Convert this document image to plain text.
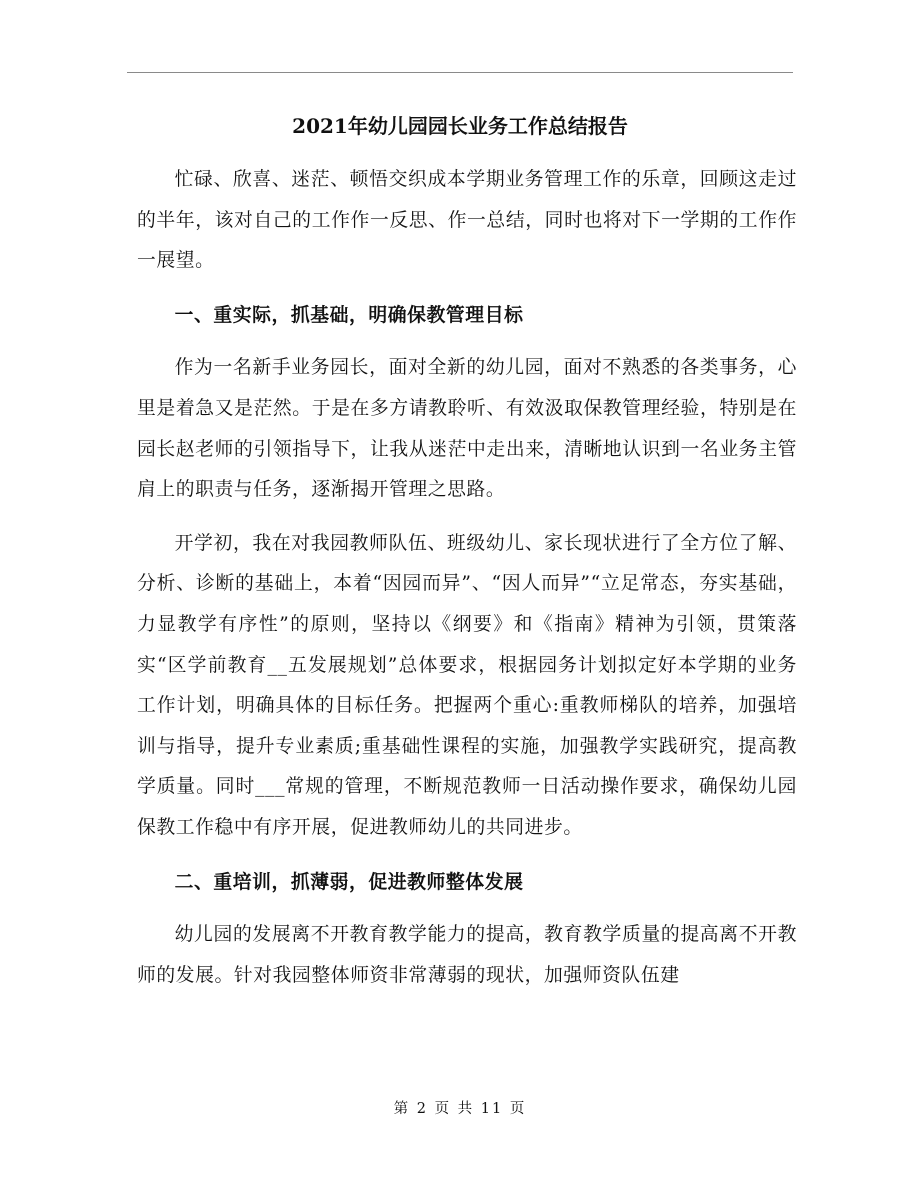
2021年幼儿园园长业务工作总结报告

忙碌、欣喜、迷茫、顿悟交织成本学期业务管理工作的乐章，回顾这走过的半年，该对自己的工作作一反思、作一总结，同时也将对下一学期的工作作一展望。

一、重实际，抓基础，明确保教管理目标

作为一名新手业务园长，面对全新的幼儿园，面对不熟悉的各类事务，心里是着急又是茫然。于是在多方请教聆听、有效汲取保教管理经验，特别是在园长赵老师的引领指导下，让我从迷茫中走出来，清晰地认识到一名业务主管肩上的职责与任务，逐渐揭开管理之思路。

开学初，我在对我园教师队伍、班级幼儿、家长现状进行了全方位了解、分析、诊断的基础上，本着“因园而异”、“因人而异”“立足常态，夯实基础，力显教学有序性”的原则，坚持以《纲要》和《指南》精神为引领，贯策落实“区学前教育__五发展规划”总体要求，根据园务计划拟定好本学期的业务工作计划，明确具体的目标任务。把握两个重心:重教师梯队的培养，加强培训与指导，提升专业素质;重基础性课程的实施，加强教学实践研究，提高教学质量。同时___常规的管理，不断规范教师一日活动操作要求，确保幼儿园保教工作稳中有序开展，促进教师幼儿的共同进步。

二、重培训，抓薄弱，促进教师整体发展

幼儿园的发展离不开教育教学能力的提高，教育教学质量的提高离不开教师的发展。针对我园整体师资非常薄弱的现状，加强师资队伍建

第 2 页 共 11 页
